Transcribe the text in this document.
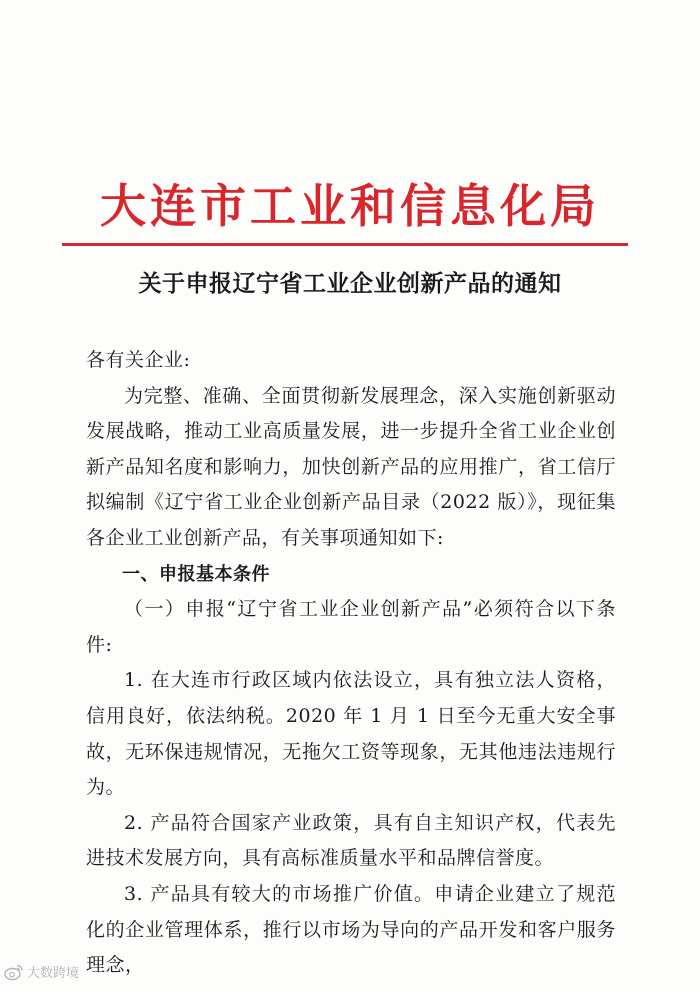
大连市工业和信息化局
关于申报辽宁省工业企业创新产品的通知

各有关企业:

为完整、准确、全面贯彻新发展理念，深入实施创新驱动发展战略，推动工业高质量发展，进一步提升全省工业企业创新产品知名度和影响力，加快创新产品的应用推广，省工信厅拟编制《辽宁省工业企业创新产品目录（2022 版）》，现征集各企业工业创新产品，有关事项通知如下:

一、申报基本条件

（一）申报“辽宁省工业企业创新产品”必须符合以下条件:

1. 在大连市行政区域内依法设立，具有独立法人资格，信用良好，依法纳税。2020 年 1 月 1 日至今无重大安全事故，无环保违规情况，无拖欠工资等现象，无其他违法违规行为。

2. 产品符合国家产业政策，具有自主知识产权，代表先进技术发展方向，具有高标准质量水平和品牌信誉度。

3. 产品具有较大的市场推广价值。申请企业建立了规范化的企业管理体系，推行以市场为导向的产品开发和客户服务理念，

大数跨境
